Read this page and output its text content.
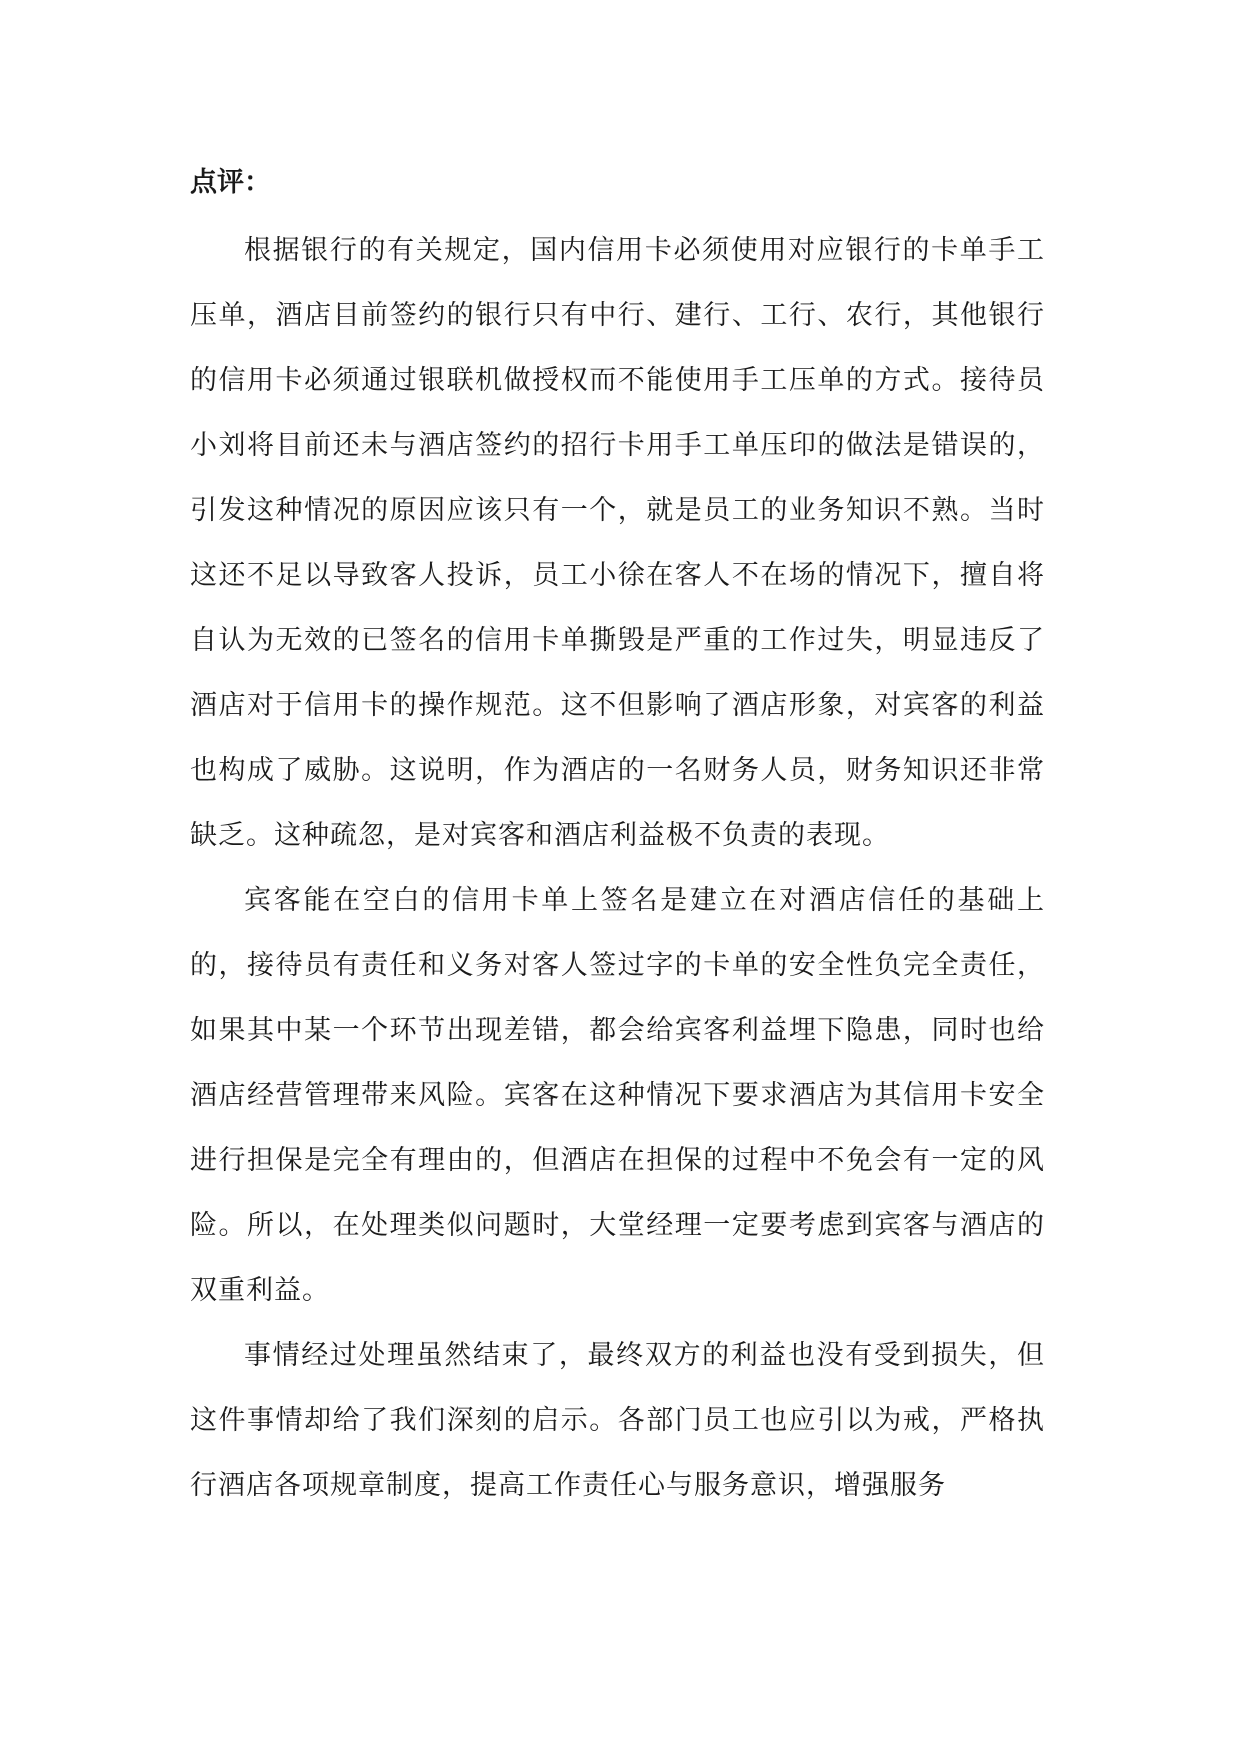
点评：

根据银行的有关规定，国内信用卡必须使用对应银行的卡单手工压单，酒店目前签约的银行只有中行、建行、工行、农行，其他银行的信用卡必须通过银联机做授权而不能使用手工压单的方式。接待员小刘将目前还未与酒店签约的招行卡用手工单压印的做法是错误的，引发这种情况的原因应该只有一个，就是员工的业务知识不熟。当时这还不足以导致客人投诉，员工小徐在客人不在场的情况下，擅自将自认为无效的已签名的信用卡单撕毁是严重的工作过失，明显违反了酒店对于信用卡的操作规范。这不但影响了酒店形象，对宾客的利益也构成了威胁。这说明，作为酒店的一名财务人员，财务知识还非常缺乏。这种疏忽，是对宾客和酒店利益极不负责的表现。

宾客能在空白的信用卡单上签名是建立在对酒店信任的基础上的，接待员有责任和义务对客人签过字的卡单的安全性负完全责任，如果其中某一个环节出现差错，都会给宾客利益埋下隐患，同时也给酒店经营管理带来风险。宾客在这种情况下要求酒店为其信用卡安全进行担保是完全有理由的，但酒店在担保的过程中不免会有一定的风险。所以，在处理类似问题时，大堂经理一定要考虑到宾客与酒店的双重利益。

事情经过处理虽然结束了，最终双方的利益也没有受到损失，但这件事情却给了我们深刻的启示。各部门员工也应引以为戒，严格执行酒店各项规章制度，提高工作责任心与服务意识，增强服务
